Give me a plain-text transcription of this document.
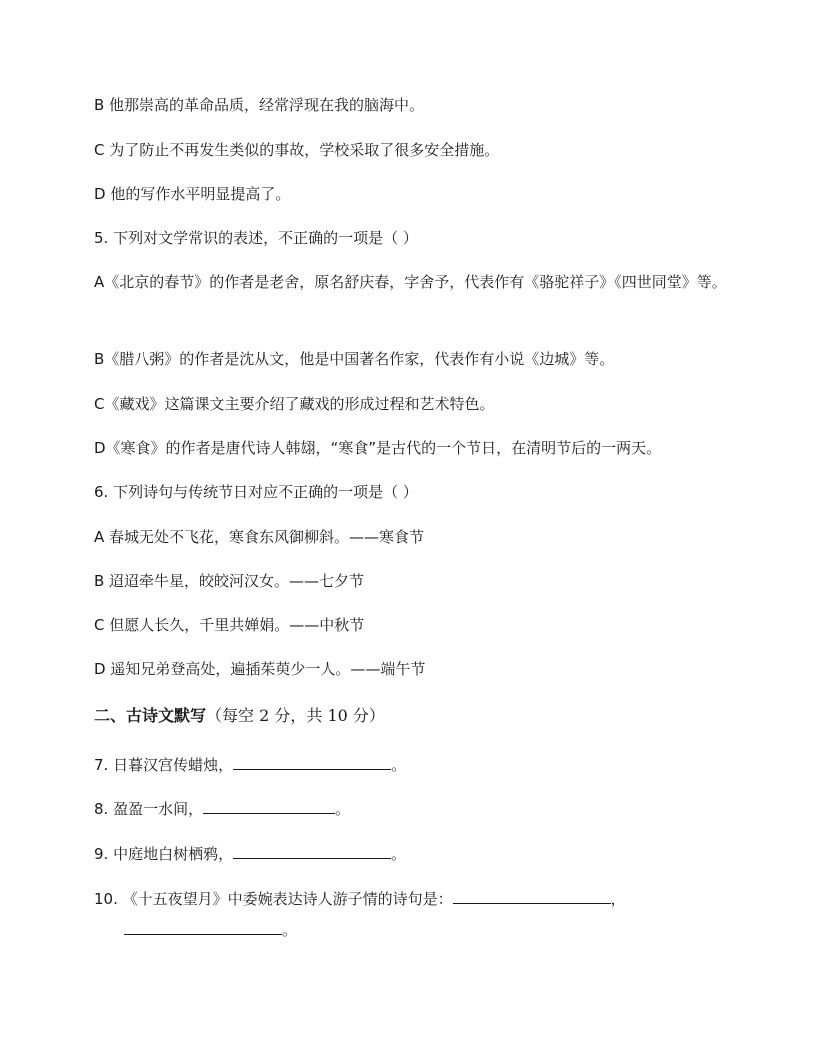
B 他那崇高的革命品质，经常浮现在我的脑海中。
C 为了防止不再发生类似的事故，学校采取了很多安全措施。
D 他的写作水平明显提高了。
5. 下列对文学常识的表述，不正确的一项是（ ）
A《北京的春节》的作者是老舍，原名舒庆春，字舍予，代表作有《骆驼祥子》《四世同堂》等。
B《腊八粥》的作者是沈从文，他是中国著名作家，代表作有小说《边城》等。
C《藏戏》这篇课文主要介绍了藏戏的形成过程和艺术特色。
D《寒食》的作者是唐代诗人韩翃，“寒食”是古代的一个节日，在清明节后的一两天。
6. 下列诗句与传统节日对应不正确的一项是（ ）
A 春城无处不飞花，寒食东风御柳斜。——寒食节
B 迢迢牵牛星，皎皎河汉女。——七夕节
C 但愿人长久，千里共婵娟。——中秋节
D 遥知兄弟登高处，遍插茱萸少一人。——端午节
二、古诗文默写（每空 2 分，共 10 分）
7. 日暮汉宫传蜡烛，	。
8. 盈盈一水间，	。
9. 中庭地白树栖鸦，	。
10. 《十五夜望月》中委婉表达诗人游子情的诗句是：	，
。
